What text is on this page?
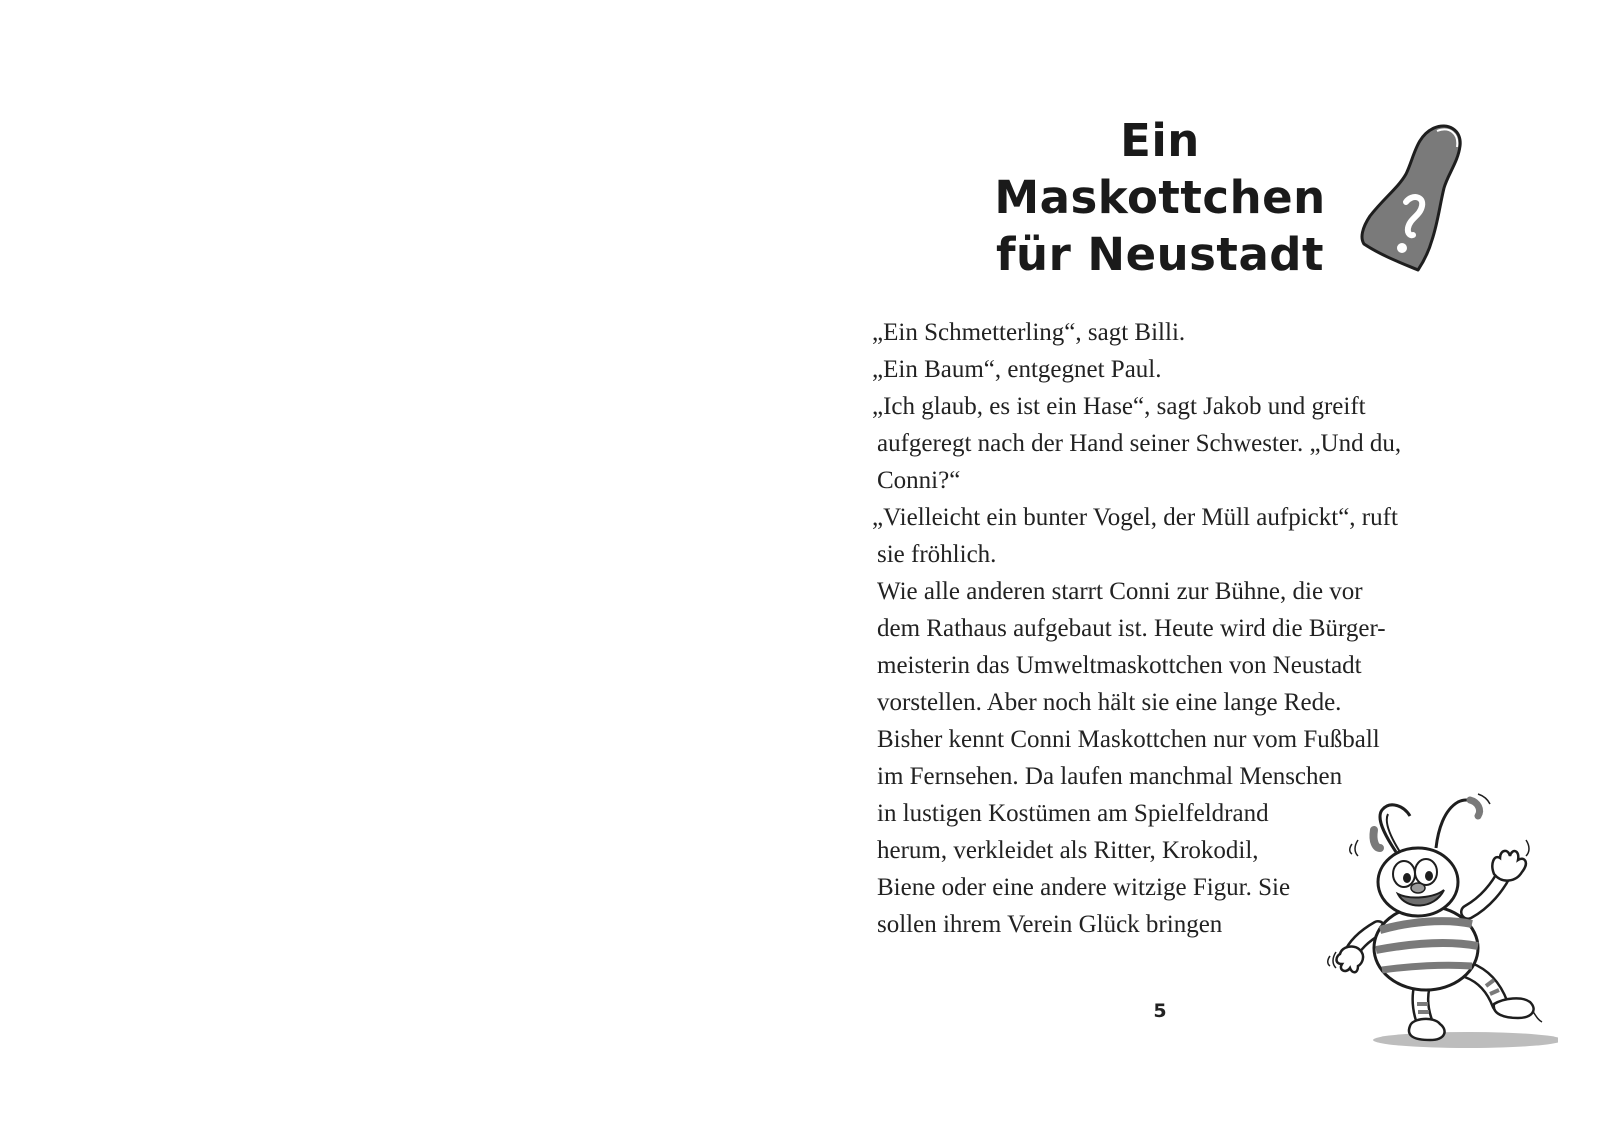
Ein Maskottchen
für Neustadt
„Ein Schmetterling“, sagt Billi.
„Ein Baum“, entgegnet Paul.
„Ich glaub, es ist ein Hase“, sagt Jakob und greift
aufgeregt nach der Hand seiner Schwester. „Und du,
Conni?“
„Vielleicht ein bunter Vogel, der Müll aufpickt“, ruft
sie fröhlich.
Wie alle anderen starrt Conni zur Bühne, die vor
dem Rathaus aufgebaut ist. Heute wird die Bürger-
meisterin das Umweltmaskottchen von Neustadt
vorstellen. Aber noch hält sie eine lange Rede.
Bisher kennt Conni Maskottchen nur vom Fußball
im Fernsehen. Da laufen manchmal Menschen
in lustigen Kostümen am Spielfeldrand
herum, verkleidet als Ritter, Krokodil,
Biene oder eine andere witzige Figur. Sie
sollen ihrem Verein Glück bringen
5
